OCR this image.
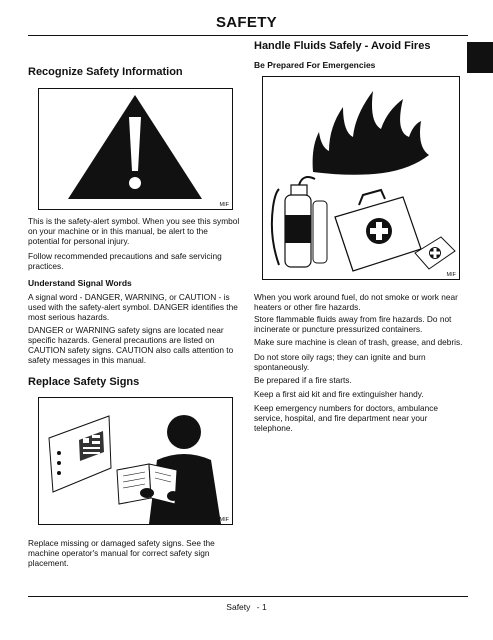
SAFETY
Recognize Safety Information
MIF
This is the safety-alert symbol. When you see this symbol on your machine or in this manual, be alert to the potential for personal injury.
Follow recommended precautions and safe servicing practices.
Understand Signal Words
A signal word - DANGER, WARNING, or CAUTION - is used with the safety-alert symbol. DANGER identifies the most serious hazards.
DANGER or WARNING safety signs are located near specific hazards. General precautions are listed on CAUTION safety signs. CAUTION also calls attention to safety messages in this manual.
Replace Safety Signs
MIF
Replace missing or damaged safety signs. See the machine operator's manual for correct safety sign placement.
Handle Fluids Safely - Avoid Fires
Be Prepared For Emergencies
MIF
When you work around fuel, do not smoke or work near heaters or other fire hazards.
Store flammable fluids away from fire hazards. Do not incinerate or puncture pressurized containers.
Make sure machine is clean of trash, grease, and debris.
Do not store oily rags; they can ignite and burn spontaneously.
Be prepared if a fire starts.
Keep a first aid kit and fire extinguisher handy.
Keep emergency numbers for doctors, ambulance service, hospital, and fire department near your telephone.
Safety - 1
